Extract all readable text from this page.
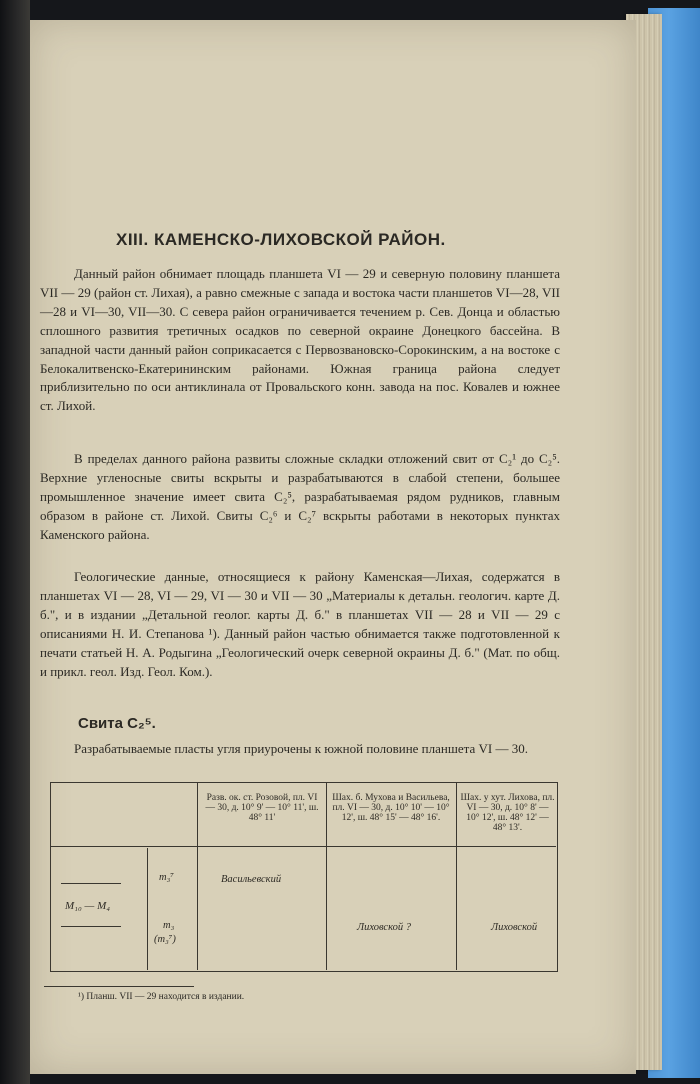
XIII. КАМЕНСКО-ЛИХОВСКОЙ РАЙОН.

Данный район обнимает площадь планшета VI — 29 и северную половину планшета VII — 29 (район ст. Лихая), а равно смежные с запада и востока части планшетов VI—28, VII—28 и VI—30, VII—30. С севера район ограничивается течением р. Сев. Донца и областью сплошного развития третичных осадков по северной окраине Донецкого бассейна. В западной части данный район соприкасается с Первозвановско-Сорокинским, а на востоке с Белокалитвенско-Екатерининским районами. Южная граница района следует приблизительно по оси антиклинала от Провальского конн. завода на пос. Ковалев и южнее ст. Лихой.

В пределах данного района развиты сложные складки отложений свит от C₂¹ до C₂⁵. Верхние угленосные свиты вскрыты и разрабатываются в слабой степени, большее промышленное значение имеет свита C₂⁵, разрабатываемая рядом рудников, главным образом в районе ст. Лихой. Свиты C₂⁶ и C₂⁷ вскрыты работами в некоторых пунктах Каменского района.

Геологические данные, относящиеся к району Каменская—Лихая, содержатся в планшетах VI — 28, VI — 29, VI — 30 и VII — 30 „Материалы к детальн. геологич. карте Д. б.", и в издании „Детальной геолог. карты Д. б." в планшетах VII — 28 и VII — 29 с описаниями Н. И. Степанова ¹). Данный район частью обнимается также подготовленной к печати статьей Н. А. Родыгина „Геологический очерк северной окраины Д. б." (Мат. по общ. и прикл. геол. Изд. Геол. Ком.).

Свита C₂⁵.

Разрабатываемые пласты угля приурочены к южной половине планшета VI — 30.

Разв. ок. ст. Розовой, пл. VI — 30, д. 10° 9' — 10° 11', ш. 48° 11'
Шах. б. Муховa и Васильева, пл. VI — 30, д. 10° 10' — 10° 12', ш. 48° 15' — 48° 16'.
Шах. у хут. Лиховa, пл. VI — 30, д. 10° 8' — 10° 12', ш. 48° 12' — 48° 13'.
M₁₀ — M₄
m₃⁷
m₃
(m₃⁷)
Васильевский
Лиховской ?	Лиховской
¹) Планш. VII — 29 находится в издании.
